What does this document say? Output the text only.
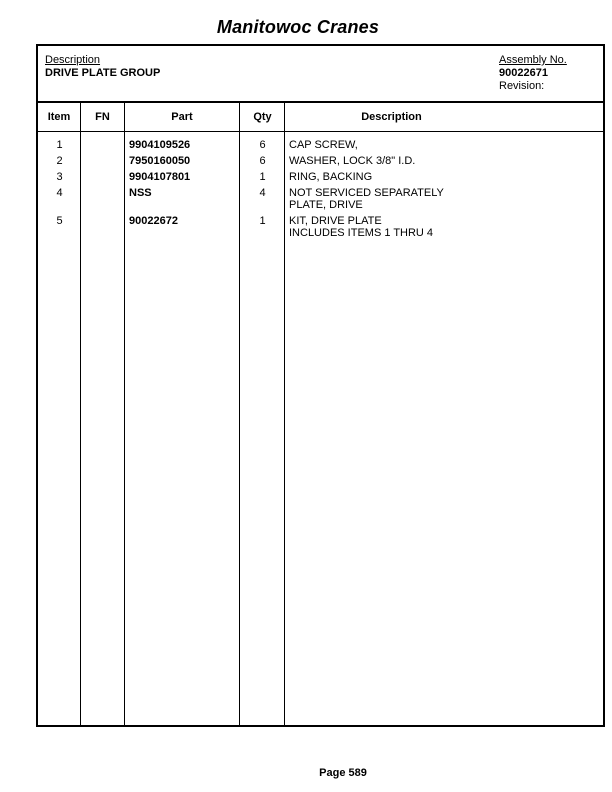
Manitowoc Cranes
Description
DRIVE PLATE GROUP
Assembly No.
90022671
Revision:
Item	FN	Part	Qty	Description
1	9904109526	6	CAP SCREW,
2	7950160050	6	WASHER, LOCK 3/8" I.D.
3	9904107801	1	RING, BACKING
4	NSS	4	NOT SERVICED SEPARATELY
PLATE, DRIVE
5	90022672	1	KIT, DRIVE PLATE
INCLUDES ITEMS 1 THRU 4
Page 589
